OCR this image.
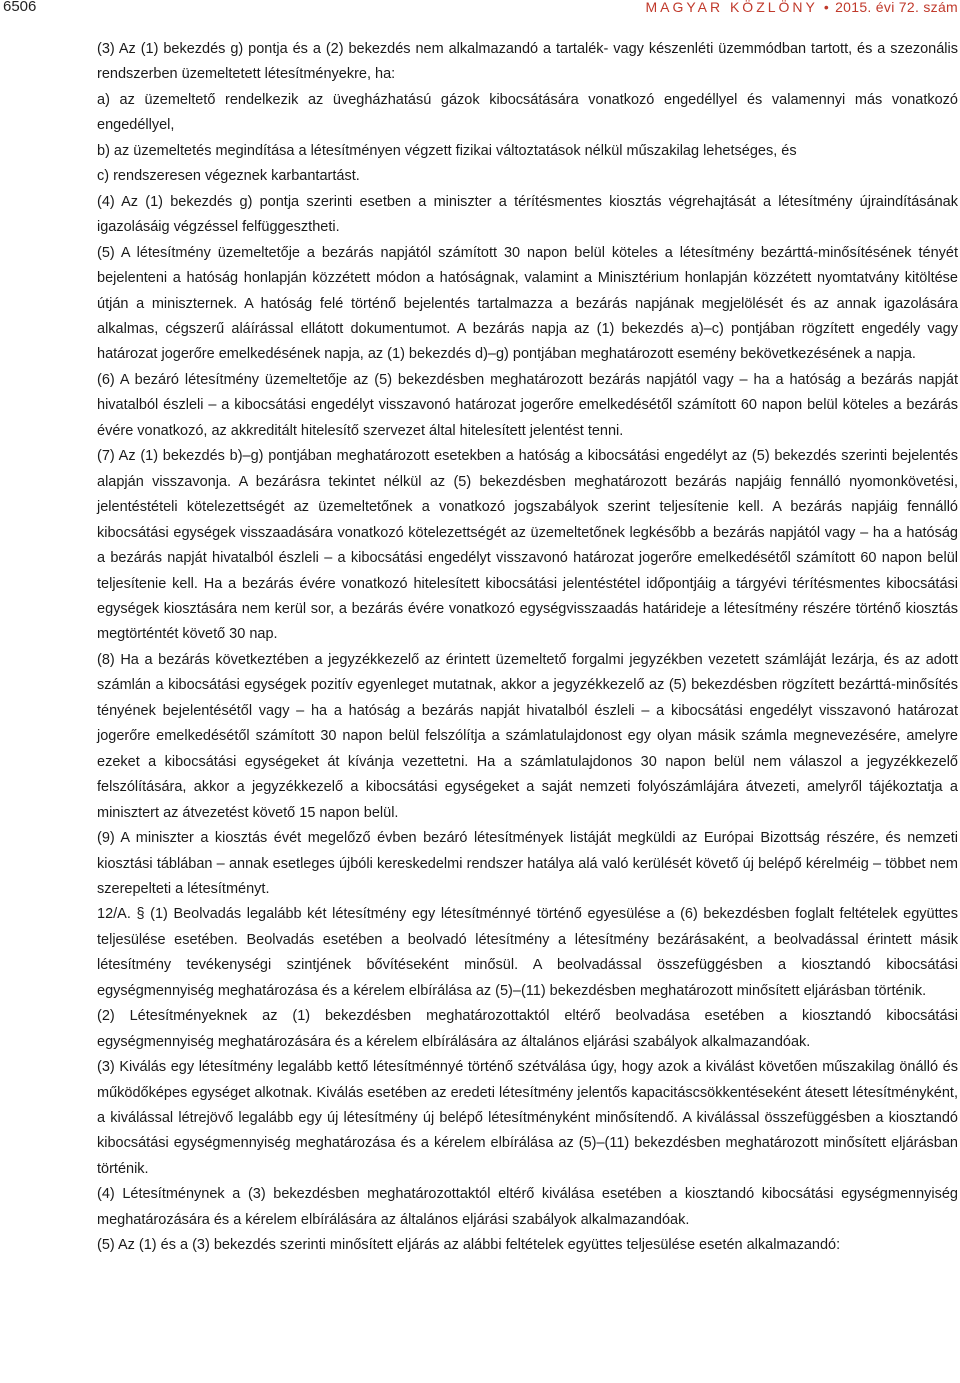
6506	MAGYAR KÖZLÖNY • 2015. évi 72. szám

(3) Az (1) bekezdés g) pontja és a (2) bekezdés nem alkalmazandó a tartalék- vagy készenléti üzemmódban tartott, és a szezonális rendszerben üzemeltetett létesítményekre, ha:

a) az üzemeltető rendelkezik az üvegházhatású gázok kibocsátására vonatkozó engedéllyel és valamennyi más vonatkozó engedéllyel,

b) az üzemeltetés megindítása a létesítményen végzett fizikai változtatások nélkül műszakilag lehetséges, és

c) rendszeresen végeznek karbantartást.

(4) Az (1) bekezdés g) pontja szerinti esetben a miniszter a térítésmentes kiosztás végrehajtását a létesítmény újraindításának igazolásáig végzéssel felfüggesztheti.

(5) A létesítmény üzemeltetője a bezárás napjától számított 30 napon belül köteles a létesítmény bezárttá-minősítésének tényét bejelenteni a hatóság honlapján közzétett módon a hatóságnak, valamint a Minisztérium honlapján közzétett nyomtatvány kitöltése útján a miniszternek. A hatóság felé történő bejelentés tartalmazza a bezárás napjának megjelölését és az annak igazolására alkalmas, cégszerű aláírással ellátott dokumentumot. A bezárás napja az (1) bekezdés a)–c) pontjában rögzített engedély vagy határozat jogerőre emelkedésének napja, az (1) bekezdés d)–g) pontjában meghatározott esemény bekövetkezésének a napja.

(6) A bezáró létesítmény üzemeltetője az (5) bekezdésben meghatározott bezárás napjától vagy – ha a hatóság a bezárás napját hivatalból észleli – a kibocsátási engedélyt visszavonó határozat jogerőre emelkedésétől számított 60 napon belül köteles a bezárás évére vonatkozó, az akkreditált hitelesítő szervezet által hitelesített jelentést tenni.

(7) Az (1) bekezdés b)–g) pontjában meghatározott esetekben a hatóság a kibocsátási engedélyt az (5) bekezdés szerinti bejelentés alapján visszavonja. A bezárásra tekintet nélkül az (5) bekezdésben meghatározott bezárás napjáig fennálló nyomonkövetési, jelentéstételi kötelezettségét az üzemeltetőnek a vonatkozó jogszabályok szerint teljesítenie kell. A bezárás napjáig fennálló kibocsátási egységek visszaadására vonatkozó kötelezettségét az üzemeltetőnek legkésőbb a bezárás napjától vagy – ha a hatóság a bezárás napját hivatalból észleli – a kibocsátási engedélyt visszavonó határozat jogerőre emelkedésétől számított 60 napon belül teljesítenie kell. Ha a bezárás évére vonatkozó hitelesített kibocsátási jelentéstétel időpontjáig a tárgyévi térítésmentes kibocsátási egységek kiosztására nem kerül sor, a bezárás évére vonatkozó egységvisszaadás határideje a létesítmény részére történő kiosztás megtörténtét követő 30 nap.

(8) Ha a bezárás következtében a jegyzékkezelő az érintett üzemeltető forgalmi jegyzékben vezetett számláját lezárja, és az adott számlán a kibocsátási egységek pozitív egyenleget mutatnak, akkor a jegyzékkezelő az (5) bekezdésben rögzített bezárttá-minősítés tényének bejelentésétől vagy – ha a hatóság a bezárás napját hivatalból észleli – a kibocsátási engedélyt visszavonó határozat jogerőre emelkedésétől számított 30 napon belül felszólítja a számlatulajdonost egy olyan másik számla megnevezésére, amelyre ezeket a kibocsátási egységeket át kívánja vezettetni. Ha a számlatulajdonos 30 napon belül nem válaszol a jegyzékkezelő felszólítására, akkor a jegyzékkezelő a kibocsátási egységeket a saját nemzeti folyószámlájára átvezeti, amelyről tájékoztatja a minisztert az átvezetést követő 15 napon belül.

(9) A miniszter a kiosztás évét megelőző évben bezáró létesítmények listáját megküldi az Európai Bizottság részére, és nemzeti kiosztási táblában – annak esetleges újbóli kereskedelmi rendszer hatálya alá való kerülését követő új belépő kérelméig – többet nem szerepelteti a létesítményt.

12/A. § (1) Beolvadás legalább két létesítmény egy létesítménnyé történő egyesülése a (6) bekezdésben foglalt feltételek együttes teljesülése esetében. Beolvadás esetében a beolvadó létesítmény a létesítmény bezárásaként, a beolvadással érintett másik létesítmény tevékenységi szintjének bővítéseként minősül. A beolvadással összefüggésben a kiosztandó kibocsátási egységmennyiség meghatározása és a kérelem elbírálása az (5)–(11) bekezdésben meghatározott minősített eljárásban történik.

(2) Létesítményeknek az (1) bekezdésben meghatározottaktól eltérő beolvadása esetében a kiosztandó kibocsátási egységmennyiség meghatározására és a kérelem elbírálására az általános eljárási szabályok alkalmazandóak.

(3) Kiválás egy létesítmény legalább kettő létesítménnyé történő szétválása úgy, hogy azok a kiválást követően műszakilag önálló és működőképes egységet alkotnak. Kiválás esetében az eredeti létesítmény jelentős kapacitáscsökkentéseként átesett létesítményként, a kiválással létrejövő legalább egy új létesítmény új belépő létesítményként minősítendő. A kiválással összefüggésben a kiosztandó kibocsátási egységmennyiség meghatározása és a kérelem elbírálása az (5)–(11) bekezdésben meghatározott minősített eljárásban történik.

(4) Létesítménynek a (3) bekezdésben meghatározottaktól eltérő kiválása esetében a kiosztandó kibocsátási egységmennyiség meghatározására és a kérelem elbírálására az általános eljárási szabályok alkalmazandóak.

(5) Az (1) és a (3) bekezdés szerinti minősített eljárás az alábbi feltételek együttes teljesülése esetén alkalmazandó:
